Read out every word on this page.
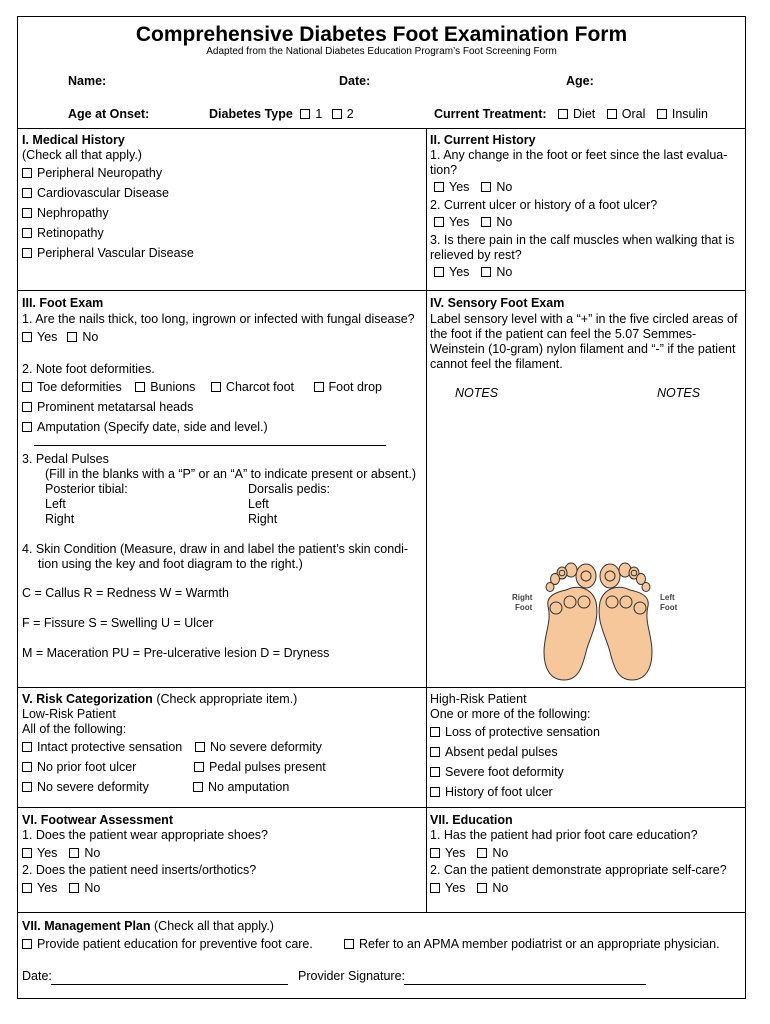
Comprehensive Diabetes Foot Examination Form
Adapted from the National Diabetes Education Program’s Foot Screening Form
Name:	Date:	Age:
Age at Onset:	Diabetes Type 1 2	Current Treatment: Diet Oral Insulin
I. Medical History
(Check all that apply.)
Peripheral Neuropathy
Cardiovascular Disease
Nephropathy
Retinopathy
Peripheral Vascular Disease
II. Current History
1. Any change in the foot or feet since the last evalua-
tion?
Yes No
2. Current ulcer or history of a foot ulcer?
Yes No
3. Is there pain in the calf muscles when walking that is
relieved by rest?
Yes No
III. Foot Exam
1. Are the nails thick, too long, ingrown or infected with fungal disease?
Yes No
2. Note foot deformities.
Toe deformities Bunions Charcot foot	Foot drop
Prominent metatarsal heads
Amputation (Specify date, side and level.)
3. Pedal Pulses
(Fill in the blanks with a “P” or an “A” to indicate present or absent.)
Posterior tibial:	Dorsalis pedis:
Left	Left
Right	Right
4. Skin Condition (Measure, draw in and label the patient’s skin condi-
tion using the key and foot diagram to the right.)
C = Callus R = Redness W = Warmth
F = Fissure S = Swelling U = Ulcer
M = Maceration PU = Pre-ulcerative lesion D = Dryness
IV. Sensory Foot Exam
Label sensory level with a “+” in the five circled areas of
the foot if the patient can feel the 5.07 Semmes-
Weinstein (10-gram) nylon filament and “-” if the patient
cannot feel the filament.
NOTES	NOTES
Right
Foot
Left
Foot
V. Risk Categorization (Check appropriate item.)
Low-Risk Patient
All of the following:
Intact protective sensation	No severe deformity
No prior foot ulcer	Pedal pulses present
No severe deformity	No amputation
High-Risk Patient
One or more of the following:
Loss of protective sensation
Absent pedal pulses
Severe foot deformity
History of foot ulcer
VI. Footwear Assessment
1. Does the patient wear appropriate shoes?
Yes No
2. Does the patient need inserts/orthotics?
Yes No
VII. Education
1. Has the patient had prior foot care education?
Yes No
2. Can the patient demonstrate appropriate self-care?
Yes No
VII. Management Plan (Check all that apply.)
Provide patient education for preventive foot care.	Refer to an APMA member podiatrist or an appropriate physician.
Date:	Provider Signature:
